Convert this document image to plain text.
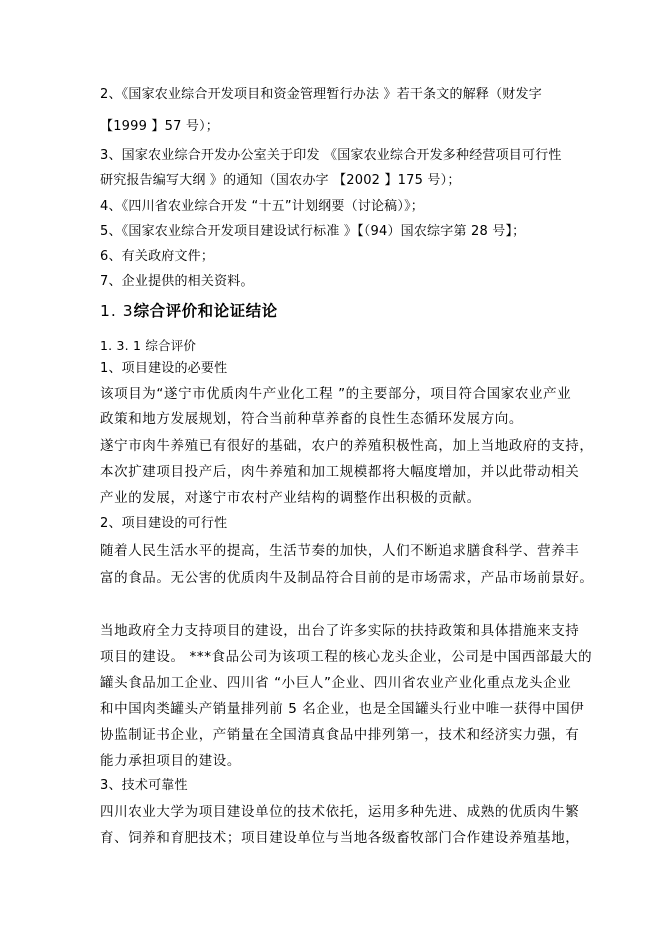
2、《国家农业综合开发项目和资金管理暂行办法 》若干条文的解释（财发字
【1999 】57 号）；
3、国家农业综合开发办公室关于印发 《国家农业综合开发多种经营项目可行性
研究报告编写大纲 》的通知（国农办字 【2002 】175 号）；
4、《四川省农业综合开发 “十五”计划纲要（讨论稿）》；
5、《国家农业综合开发项目建设试行标准 》【（94）国农综字第 28 号】；
6、有关政府文件；
7、企业提供的相关资料。
1. 3综合评价和论证结论
1. 3. 1 综合评价
1、项目建设的必要性
该项目为“遂宁市优质肉牛产业化工程 ”的主要部分，项目符合国家农业产业
政策和地方发展规划，符合当前种草养畜的良性生态循环发展方向。
遂宁市肉牛养殖已有很好的基础，农户的养殖积极性高，加上当地政府的支持，
本次扩建项目投产后，肉牛养殖和加工规模都将大幅度增加，并以此带动相关
产业的发展，对遂宁市农村产业结构的调整作出积极的贡献。
2、项目建设的可行性
随着人民生活水平的提高，生活节奏的加快，人们不断追求膳食科学、营养丰
富的食品。无公害的优质肉牛及制品符合目前的是市场需求，产品市场前景好。
当地政府全力支持项目的建设，出台了许多实际的扶持政策和具体措施来支持
项目的建设。 ***食品公司为该项工程的核心龙头企业，公司是中国西部最大的
罐头食品加工企业、四川省 “小巨人”企业、四川省农业产业化重点龙头企业
和中国肉类罐头产销量排列前 5 名企业，也是全国罐头行业中唯一获得中国伊
协监制证书企业，产销量在全国清真食品中排列第一，技术和经济实力强，有
能力承担项目的建设。
3、技术可靠性
四川农业大学为项目建设单位的技术依托，运用多种先进、成熟的优质肉牛繁
育、饲养和育肥技术；项目建设单位与当地各级畜牧部门合作建设养殖基地，
